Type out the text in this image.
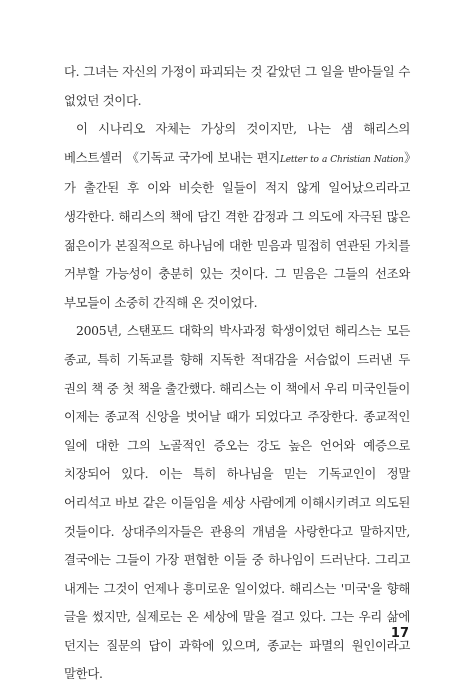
다. 그녀는 자신의 가정이 파괴되는 것 같았던 그 일을 받아들일 수 없었던 것이다.

이 시나리오 자체는 가상의 것이지만, 나는 샘 해리스의 베스트셀러 《기독교 국가에 보내는 편지Letter to a Christian Nation》가 출간된 후 이와 비슷한 일들이 적지 않게 일어났으리라고 생각한다. 해리스의 책에 담긴 격한 감정과 그 의도에 자극된 많은 젊은이가 본질적으로 하나님에 대한 믿음과 밀접히 연관된 가치를 거부할 가능성이 충분히 있는 것이다. 그 믿음은 그들의 선조와 부모들이 소중히 간직해 온 것이었다.

2005년, 스탠포드 대학의 박사과정 학생이었던 해리스는 모든 종교, 특히 기독교를 향해 지독한 적대감을 서슴없이 드러낸 두 권의 책 중 첫 책을 출간했다. 해리스는 이 책에서 우리 미국인들이 이제는 종교적 신앙을 벗어날 때가 되었다고 주장한다. 종교적인 일에 대한 그의 노골적인 증오는 강도 높은 언어와 예증으로 치장되어 있다. 이는 특히 하나님을 믿는 기독교인이 정말 어리석고 바보 같은 이들임을 세상 사람에게 이해시키려고 의도된 것들이다. 상대주의자들은 관용의 개념을 사랑한다고 말하지만, 결국에는 그들이 가장 편협한 이들 중 하나임이 드러난다. 그리고 내게는 그것이 언제나 흥미로운 일이었다. 해리스는 '미국'을 향해 글을 썼지만, 실제로는 온 세상에 말을 걸고 있다. 그는 우리 삶에 던지는 질문의 답이 과학에 있으며, 종교는 파멸의 원인이라고 말한다.

17
